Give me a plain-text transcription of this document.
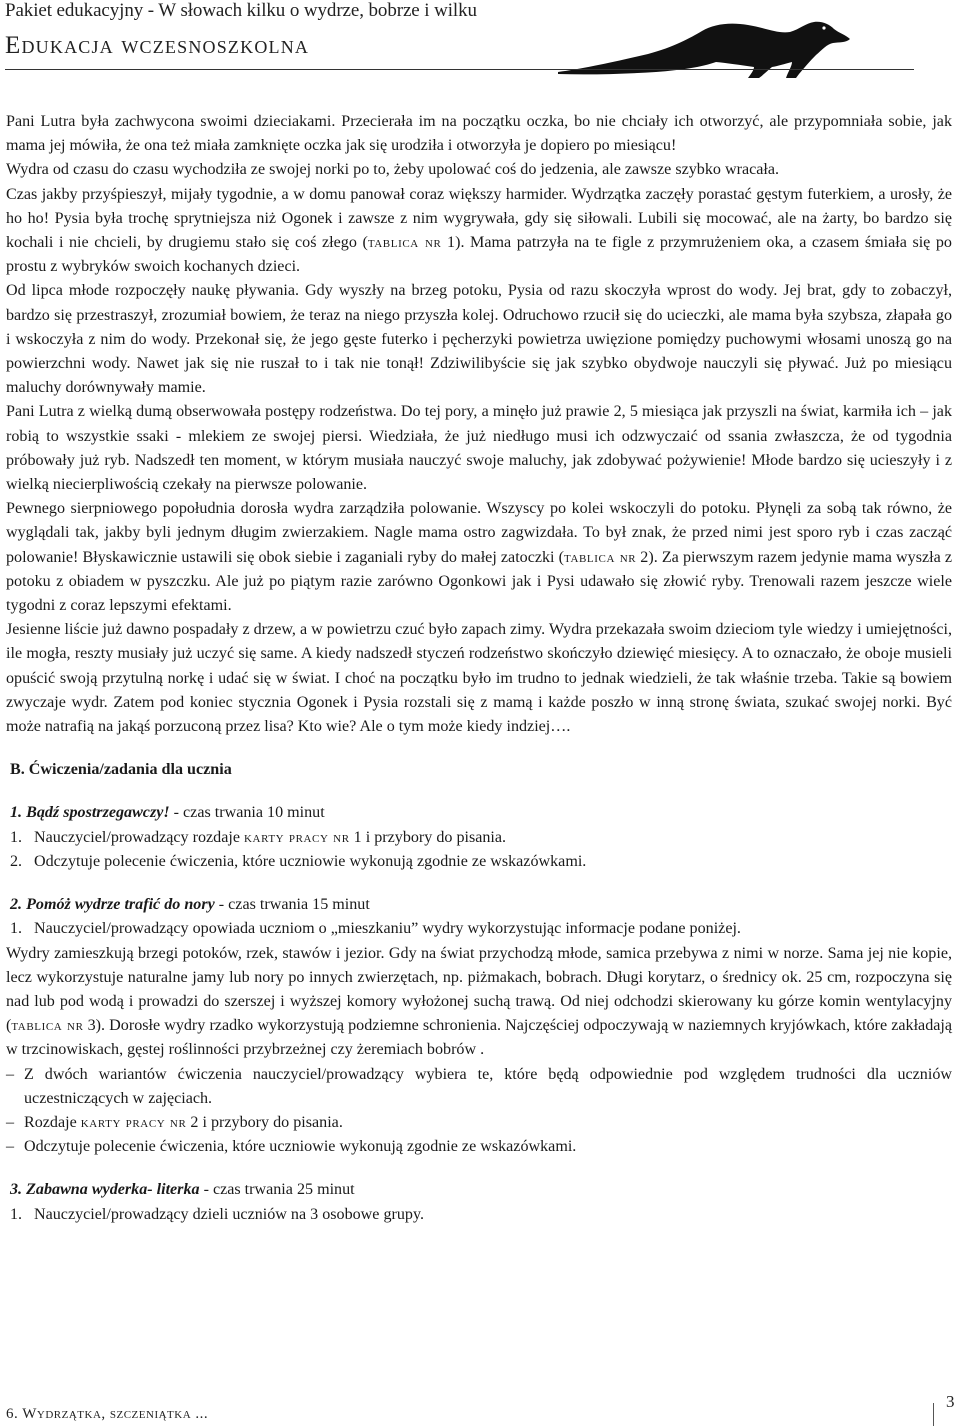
Pakiet edukacyjny - W słowach kilku o wydrze, bobrze i wilku
Edukacja wczesnoszkolna

Pani Lutra była zachwycona swoimi dzieciakami. Przecierała im na początku oczka, bo nie chciały ich otworzyć, ale przypomniała sobie, jak mama jej mówiła, że ona też miała zamknięte oczka jak się urodziła i otworzyła je dopiero po miesiącu!

Wydra od czasu do czasu wychodziła ze swojej norki po to, żeby upolować coś do jedzenia, ale zawsze szybko wracała.

Czas jakby przyśpieszył, mijały tygodnie, a w domu panował coraz większy harmider. Wydrzątka zaczęły porastać gęstym futerkiem, a urosły, że ho ho! Pysia była trochę sprytniejsza niż Ogonek i zawsze z nim wygrywała, gdy się siłowali. Lubili się mocować, ale na żarty, bo bardzo się kochali i nie chcieli, by drugiemu stało się coś złego (tablica nr 1). Mama patrzyła na te figle z przymrużeniem oka, a czasem śmiała się po prostu z wybryków swoich kochanych dzieci.

Od lipca młode rozpoczęły naukę pływania. Gdy wyszły na brzeg potoku, Pysia od razu skoczyła wprost do wody. Jej brat, gdy to zobaczył, bardzo się przestraszył, zrozumiał bowiem, że teraz na niego przyszła kolej. Odruchowo rzucił się do ucieczki, ale mama była szybsza, złapała go i wskoczyła z nim do wody. Przekonał się, że jego gęste futerko i pęcherzyki powietrza uwięzione pomiędzy puchowymi włosami unoszą go na powierzchni wody. Nawet jak się nie ruszał to i tak nie tonął! Zdziwilibyście się jak szybko obydwoje nauczyli się pływać. Już po miesiącu maluchy dorównywały mamie.

Pani Lutra z wielką dumą obserwowała postępy rodzeństwa. Do tej pory, a minęło już prawie 2, 5 miesiąca jak przyszli na świat, karmiła ich – jak robią to wszystkie ssaki - mlekiem ze swojej piersi. Wiedziała, że już niedługo musi ich odzwyczaić od ssania zwłaszcza, że od tygodnia próbowały już ryb. Nadszedł ten moment, w którym musiała nauczyć swoje maluchy, jak zdobywać pożywienie! Młode bardzo się ucieszyły i z wielką niecierpliwością czekały na pierwsze polowanie.

Pewnego sierpniowego popołudnia dorosła wydra zarządziła polowanie. Wszyscy po kolei wskoczyli do potoku. Płynęli za sobą tak równo, że wyglądali tak, jakby byli jednym długim zwierzakiem. Nagle mama ostro zagwizdała. To był znak, że przed nimi jest sporo ryb i czas zacząć polowanie! Błyskawicznie ustawili się obok siebie i zaganiali ryby do małej zatoczki (tablica nr 2). Za pierwszym razem jedynie mama wyszła z potoku z obiadem w pyszczku. Ale już po piątym razie zarówno Ogonkowi jak i Pysi udawało się złowić ryby. Trenowali razem jeszcze wiele tygodni z coraz lepszymi efektami.

Jesienne liście już dawno pospadały z drzew, a w powietrzu czuć było zapach zimy. Wydra przekazała swoim dzieciom tyle wiedzy i umiejętności, ile mogła, reszty musiały już uczyć się same. A kiedy nadszedł styczeń rodzeństwo skończyło dziewięć miesięcy. A to oznaczało, że oboje musieli opuścić swoją przytulną norkę i udać się w świat. I choć na początku było im trudno to jednak wiedzieli, że tak właśnie trzeba. Takie są bowiem zwyczaje wydr. Zatem pod koniec stycznia Ogonek i Pysia rozstali się z mamą i każde poszło w inną stronę świata, szukać swojej norki. Być może natrafią na jakąś porzuconą przez lisa? Kto wie? Ale o tym może kiedy indziej….

B. Ćwiczenia/zadania dla ucznia

1. Bądź spostrzegawczy! - czas trwania 10 minut

1. Nauczyciel/prowadzący rozdaje karty pracy nr 1 i przybory do pisania.

2. Odczytuje polecenie ćwiczenia, które uczniowie wykonują zgodnie ze wskazówkami.

2. Pomóż wydrze trafić do nory - czas trwania 15 minut

1. Nauczyciel/prowadzący opowiada uczniom o „mieszkaniu” wydry wykorzystując informacje podane poniżej.

Wydry zamieszkują brzegi potoków, rzek, stawów i jezior. Gdy na świat przychodzą młode, samica przebywa z nimi w norze. Sama jej nie kopie, lecz wykorzystuje naturalne jamy lub nory po innych zwierzętach, np. piżmakach, bobrach. Długi korytarz, o średnicy ok. 25 cm, rozpoczyna się nad lub pod wodą i prowadzi do szerszej i wyższej komory wyłożonej suchą trawą. Od niej odchodzi skierowany ku górze komin wentylacyjny (tablica nr 3). Dorosłe wydry rzadko wykorzystują podziemne schronienia. Najczęściej odpoczywają w naziemnych kryjówkach, które zakładają w trzcinowiskach, gęstej roślinności przybrzeżnej czy żeremiach bobrów .

– Z dwóch wariantów ćwiczenia nauczyciel/prowadzący wybiera te, które będą odpowiednie pod względem trudności dla uczniów uczestniczących w zajęciach.

– Rozdaje karty pracy nr 2 i przybory do pisania.

– Odczytuje polecenie ćwiczenia, które uczniowie wykonują zgodnie ze wskazówkami.

3. Zabawna wyderka- literka - czas trwania 25 minut

1. Nauczyciel/prowadzący dzieli uczniów na 3 osobowe grupy.

6. Wydrzątka, szczeniątka ...
3
